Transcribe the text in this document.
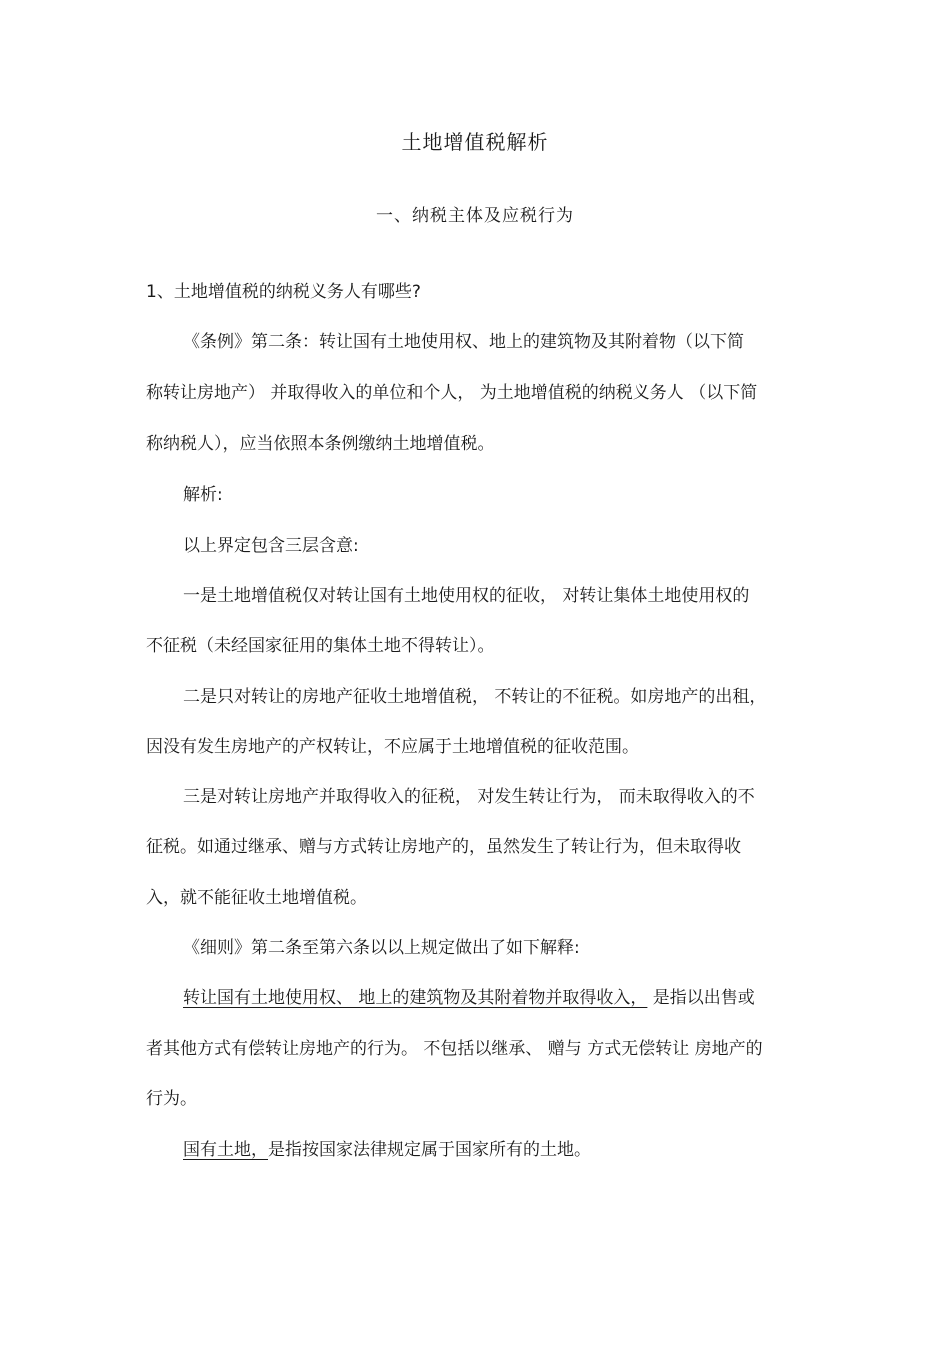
土地增值税解析
一、纳税主体及应税行为
1、土地增值税的纳税义务人有哪些?
《条例》第二条：转让国有土地使用权、地上的建筑物及其附着物（以下简
称转让房地产） 并取得收入的单位和个人， 为土地增值税的纳税义务人 （以下简
称纳税人），应当依照本条例缴纳土地增值税。
解析:
以上界定包含三层含意:
一是土地增值税仅对转让国有土地使用权的征收， 对转让集体土地使用权的
不征税（未经国家征用的集体土地不得转让）。
二是只对转让的房地产征收土地增值税， 不转让的不征税。如房地产的出租，
因没有发生房地产的产权转让，不应属于土地增值税的征收范围。
三是对转让房地产并取得收入的征税， 对发生转让行为， 而未取得收入的不
征税。如通过继承、赠与方式转让房地产的，虽然发生了转让行为，但未取得收
入，就不能征收土地增值税。
《细则》第二条至第六条以以上规定做出了如下解释:
转让国有土地使用权、 地上的建筑物及其附着物并取得收入， 是指以出售或
者其他方式有偿转让房地产的行为。 不包括以继承、 赠与 方式无偿转让 房地产的
行为。
国有土地，是指按国家法律规定属于国家所有的土地。
